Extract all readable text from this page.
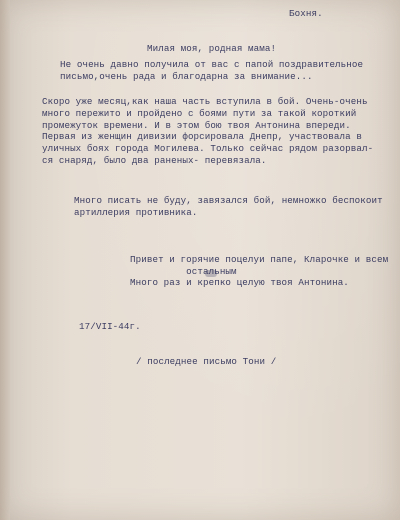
Бохня.
Милая моя, родная мама!
Не очень давно получила от вас с папой поздравительное
письмо,очень рада и благодарна за внимание...
Скоро уже месяц,как наша часть вступила в бой. Очень-очень
много пережито и пройдено с боями пути за такой короткий
промежуток времени. И в этом бою твоя Антонина впереди.
Первая из женщин дивизии форсировала Днепр, участвовала в
уличных боях города Могилева. Только сейчас рядом разорвал-
ся снаряд, было два раненых- перевязала.
Много писать не буду, завязался бой, немножко беспокоит
артиллерия противника.
Привет и горячие поцелуи папе, Кларочке и всем
остальным
Много раз и крепко целую твоя Антонина.
17/VII-44г.
/ последнее письмо Тони /
